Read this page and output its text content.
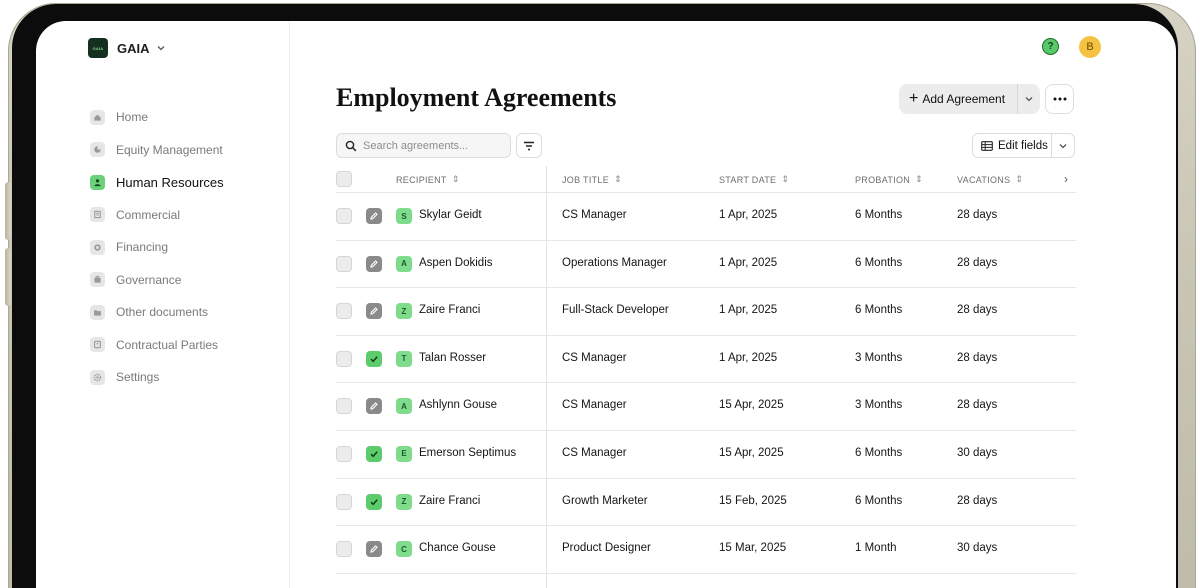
GAIA	GAIA
Home
Equity Management
Human Resources
Commercial
Financing
Governance
Other documents
Contractual Parties
Settings
?	B
Employment Agreements	+ Add Agreement
Search agreements...
Edit fields
RECIPIENT ⇕	JOB TITLE ⇕	START DATE ⇕	PROBATION ⇕	VACATIONS ⇕	›
S	Skylar Geidt	CS Manager	1 Apr, 2025	6 Months	28 days
A	Aspen Dokidis	Operations Manager	1 Apr, 2025	6 Months	28 days
Z	Zaire Franci	Full-Stack Developer	1 Apr, 2025	6 Months	28 days
T	Talan Rosser	CS Manager	1 Apr, 2025	3 Months	28 days
A	Ashlynn Gouse	CS Manager	15 Apr, 2025	3 Months	28 days
E	Emerson Septimus	CS Manager	15 Apr, 2025	6 Months	30 days
Z	Zaire Franci	Growth Marketer	15 Feb, 2025	6 Months	28 days
C	Chance Gouse	Product Designer	15 Mar, 2025	1 Month	30 days
